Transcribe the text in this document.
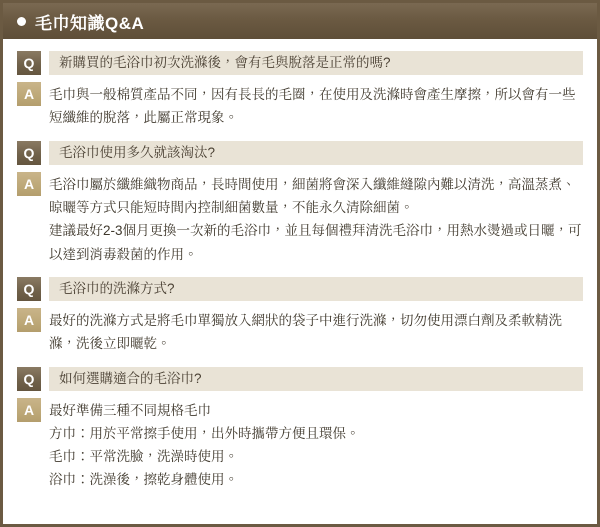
毛巾知識Q&A
Q	新購買的毛浴巾初次洗滌後，會有毛與脫落是正常的嗎?
A	毛巾與一般棉質產品不同，因有長長的毛圈，在使用及洗滌時會產生摩擦，所以會有一些短纖維的脫落，此屬正常現象。

Q	毛浴巾使用多久就該淘汰?
A	毛浴巾屬於纖維織物商品，長時間使用，細菌將會深入纖維縫隙內難以清洗，高溫蒸煮、晾曬等方式只能短時間內控制細菌數量，不能永久清除細菌。

建議最好2-3個月更換一次新的毛浴巾，並且每個禮拜清洗毛浴巾，用熱水燙過或日曬，可以達到消毒殺菌的作用。

Q	毛浴巾的洗滌方式?
A	最好的洗滌方式是將毛巾單獨放入網狀的袋子中進行洗滌，切勿使用漂白劑及柔軟精洗滌，洗後立即曬乾。

Q	如何選購適合的毛浴巾?
A	最好準備三種不同規格毛巾

方巾：用於平常擦手使用，出外時攜帶方便且環保。

毛巾：平常洗臉，洗澡時使用。

浴巾：洗澡後，擦乾身體使用。
